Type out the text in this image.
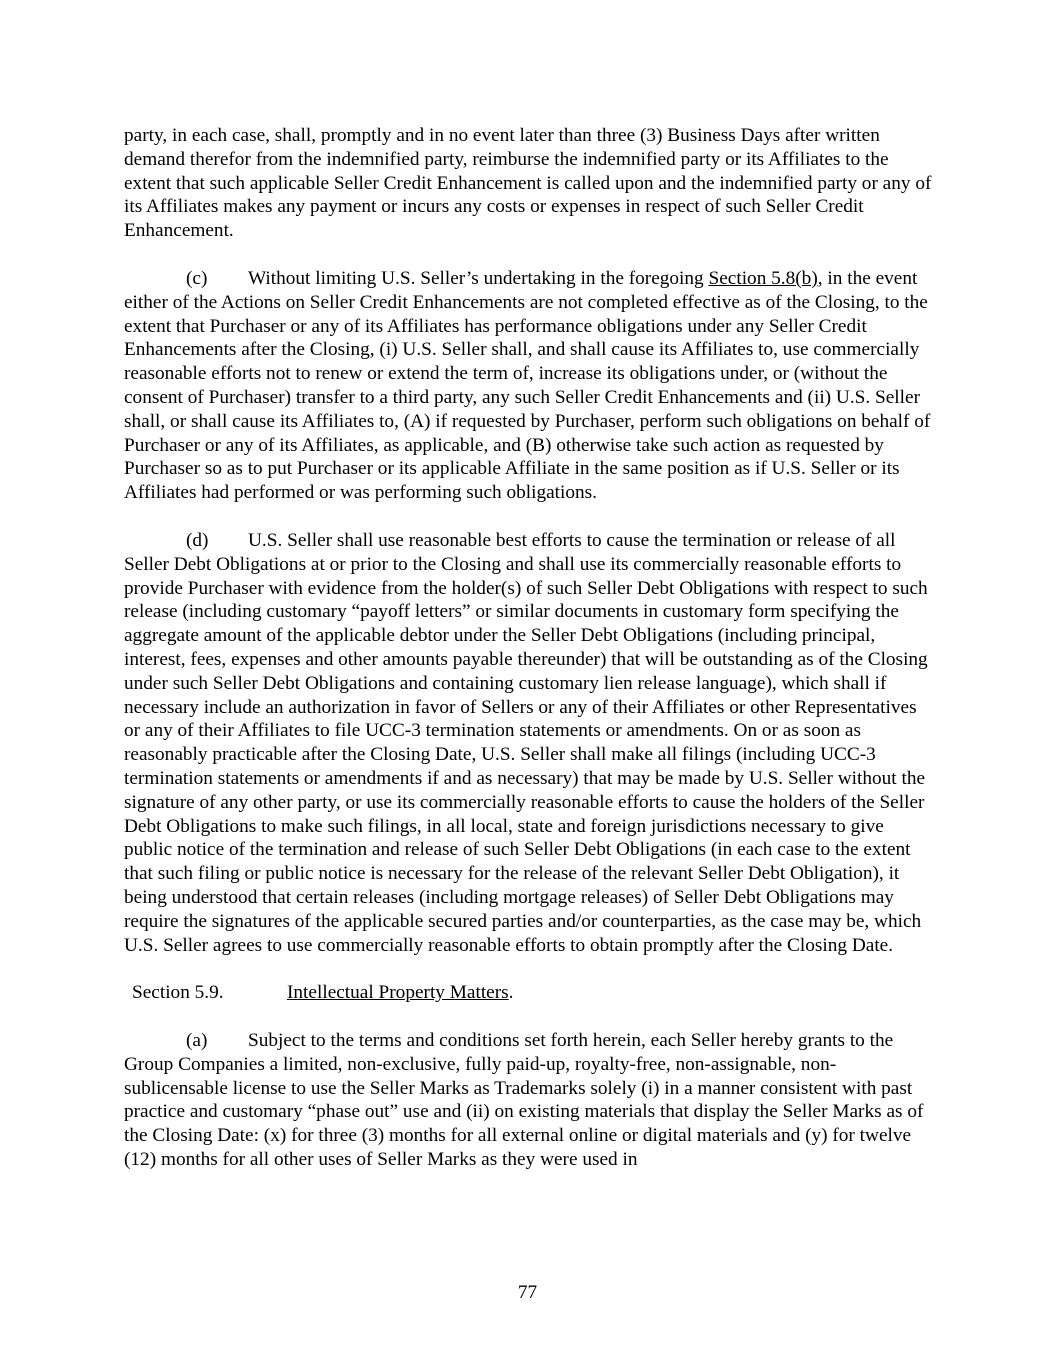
party, in each case, shall, promptly and in no event later than three (3) Business Days after written demand therefor from the indemnified party, reimburse the indemnified party or its Affiliates to the extent that such applicable Seller Credit Enhancement is called upon and the indemnified party or any of its Affiliates makes any payment or incurs any costs or expenses in respect of such Seller Credit Enhancement.

(c) Without limiting U.S. Seller’s undertaking in the foregoing Section 5.8(b), in the event either of the Actions on Seller Credit Enhancements are not completed effective as of the Closing, to the extent that Purchaser or any of its Affiliates has performance obligations under any Seller Credit Enhancements after the Closing, (i) U.S. Seller shall, and shall cause its Affiliates to, use commercially reasonable efforts not to renew or extend the term of, increase its obligations under, or (without the consent of Purchaser) transfer to a third party, any such Seller Credit Enhancements and (ii) U.S. Seller shall, or shall cause its Affiliates to, (A) if requested by Purchaser, perform such obligations on behalf of Purchaser or any of its Affiliates, as applicable, and (B) otherwise take such action as requested by Purchaser so as to put Purchaser or its applicable Affiliate in the same position as if U.S. Seller or its Affiliates had performed or was performing such obligations.

(d) U.S. Seller shall use reasonable best efforts to cause the termination or release of all Seller Debt Obligations at or prior to the Closing and shall use its commercially reasonable efforts to provide Purchaser with evidence from the holder(s) of such Seller Debt Obligations with respect to such release (including customary “payoff letters” or similar documents in customary form specifying the aggregate amount of the applicable debtor under the Seller Debt Obligations (including principal, interest, fees, expenses and other amounts payable thereunder) that will be outstanding as of the Closing under such Seller Debt Obligations and containing customary lien release language), which shall if necessary include an authorization in favor of Sellers or any of their Affiliates or other Representatives or any of their Affiliates to file UCC-3 termination statements or amendments. On or as soon as reasonably practicable after the Closing Date, U.S. Seller shall make all filings (including UCC-3 termination statements or amendments if and as necessary) that may be made by U.S. Seller without the signature of any other party, or use its commercially reasonable efforts to cause the holders of the Seller Debt Obligations to make such filings, in all local, state and foreign jurisdictions necessary to give public notice of the termination and release of such Seller Debt Obligations (in each case to the extent that such filing or public notice is necessary for the release of the relevant Seller Debt Obligation), it being understood that certain releases (including mortgage releases) of Seller Debt Obligations may require the signatures of the applicable secured parties and/or counterparties, as the case may be, which U.S. Seller agrees to use commercially reasonable efforts to obtain promptly after the Closing Date.

Section 5.9.	Intellectual Property Matters.

(a) Subject to the terms and conditions set forth herein, each Seller hereby grants to the Group Companies a limited, non-exclusive, fully paid-up, royalty-free, non-assignable, non-sublicensable license to use the Seller Marks as Trademarks solely (i) in a manner consistent with past practice and customary “phase out” use and (ii) on existing materials that display the Seller Marks as of the Closing Date: (x) for three (3) months for all external online or digital materials and (y) for twelve (12) months for all other uses of Seller Marks as they were used in

77
